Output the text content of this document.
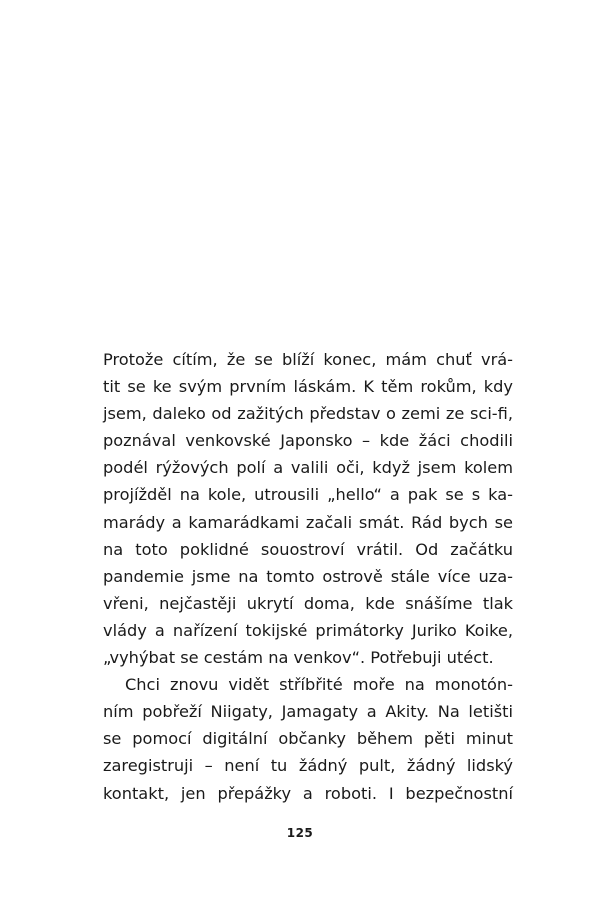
Protože cítím, že se blíží konec, mám chuť vrá-
tit se ke svým prvním láskám. K těm rokům, kdy
jsem, daleko od zažitých představ o zemi ze sci-fi,
poznával venkovské Japonsko – kde žáci chodili
podél rýžových polí a valili oči, když jsem kolem
projížděl na kole, utrousili „hello“ a pak se s ka-
marády a kamarádkami začali smát. Rád bych se
na toto poklidné souostroví vrátil. Od začátku
pandemie jsme na tomto ostrově stále více uza-
vřeni, nejčastěji ukrytí doma, kde snášíme tlak
vlády a nařízení tokijské primátorky Juriko Koike,
„vyhýbat se cestám na venkov“. Potřebuji utéct.
Chci znovu vidět stříbřité moře na monotón-
ním pobřeží Niigaty, Jamagaty a Akity. Na letišti
se pomocí digitální občanky během pěti minut
zaregistruji – není tu žádný pult, žádný lidský
kontakt, jen přepážky a roboti. I bezpečnostní
125
